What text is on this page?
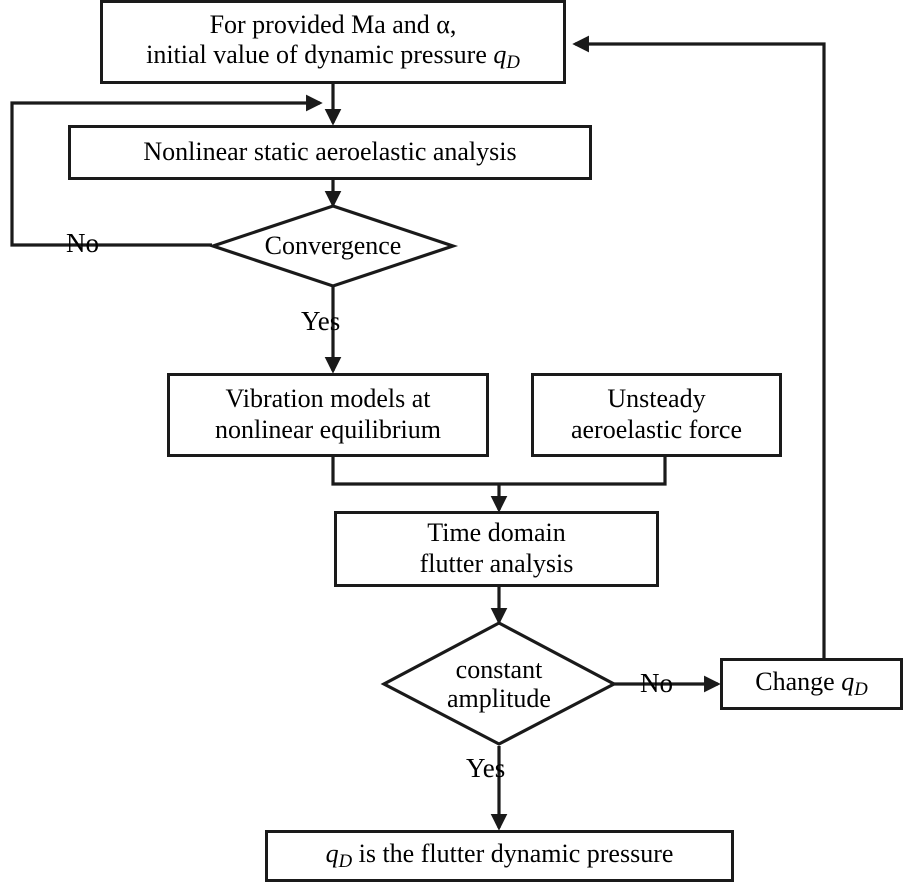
For provided Ma and α,
initial value of dynamic pressure $q_D$
Nonlinear static aeroelastic analysis
Convergence
No
Yes
Vibration models at
nonlinear equilibrium
Unsteady
aeroelastic force
Time domain
flutter analysis
constant
amplitude
No
Yes
Change $q_D$
$q_D$ is the flutter dynamic pressure
